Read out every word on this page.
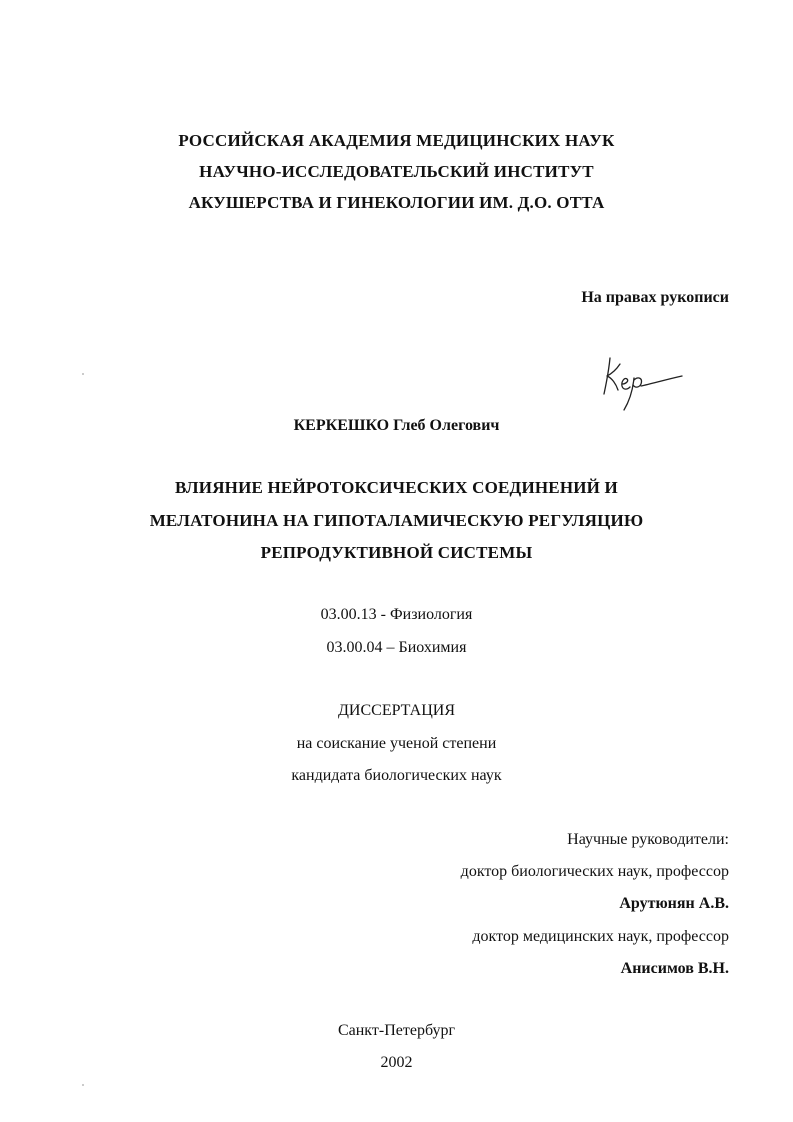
РОССИЙСКАЯ АКАДЕМИЯ МЕДИЦИНСКИХ НАУК
НАУЧНО-ИССЛЕДОВАТЕЛЬСКИЙ ИНСТИТУТ
АКУШЕРСТВА И ГИНЕКОЛОГИИ ИМ. Д.О. ОТТА
На правах рукописи
КЕРКЕШКО Глеб Олегович
ВЛИЯНИЕ НЕЙРОТОКСИЧЕСКИХ СОЕДИНЕНИЙ И
МЕЛАТОНИНА НА ГИПОТАЛАМИЧЕСКУЮ РЕГУЛЯЦИЮ
РЕПРОДУКТИВНОЙ СИСТЕМЫ
03.00.13 - Физиология
03.00.04 – Биохимия
ДИССЕРТАЦИЯ
на соискание ученой степени
кандидата биологических наук
Научные руководители:
доктор биологических наук, профессор
Арутюнян А.В.
доктор медицинских наук, профессор
Анисимов В.Н.
Санкт-Петербург
2002
